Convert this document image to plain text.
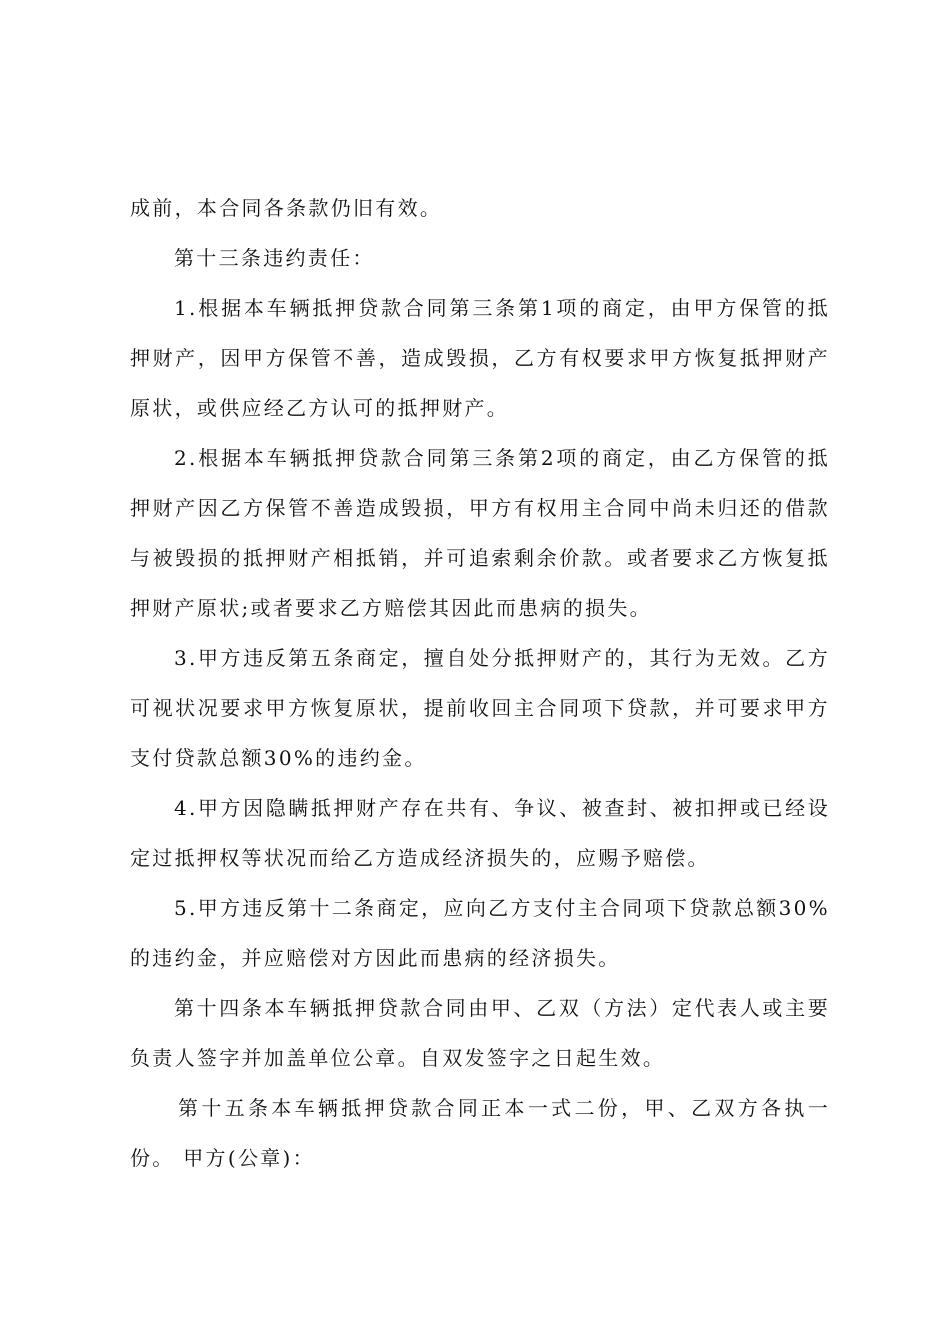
成前，本合同各条款仍旧有效。

第十三条违约责任：

1.根据本车辆抵押贷款合同第三条第1项的商定，由甲方保管的抵押财产，因甲方保管不善，造成毁损，乙方有权要求甲方恢复抵押财产原状，或供应经乙方认可的抵押财产。

2.根据本车辆抵押贷款合同第三条第2项的商定，由乙方保管的抵押财产因乙方保管不善造成毁损，甲方有权用主合同中尚未归还的借款与被毁损的抵押财产相抵销，并可追索剩余价款。或者要求乙方恢复抵押财产原状;或者要求乙方赔偿其因此而患病的损失。

3.甲方违反第五条商定，擅自处分抵押财产的，其行为无效。乙方可视状况要求甲方恢复原状，提前收回主合同项下贷款，并可要求甲方支付贷款总额30%的违约金。

4.甲方因隐瞒抵押财产存在共有、争议、被查封、被扣押或已经设定过抵押权等状况而给乙方造成经济损失的，应赐予赔偿。

5.甲方违反第十二条商定，应向乙方支付主合同项下贷款总额30%的违约金，并应赔偿对方因此而患病的经济损失。

第十四条本车辆抵押贷款合同由甲、乙双（方法）定代表人或主要负责人签字并加盖单位公章。自双发签字之日起生效。

第十五条本车辆抵押贷款合同正本一式二份，甲、乙双方各执一份。 甲方(公章)：
